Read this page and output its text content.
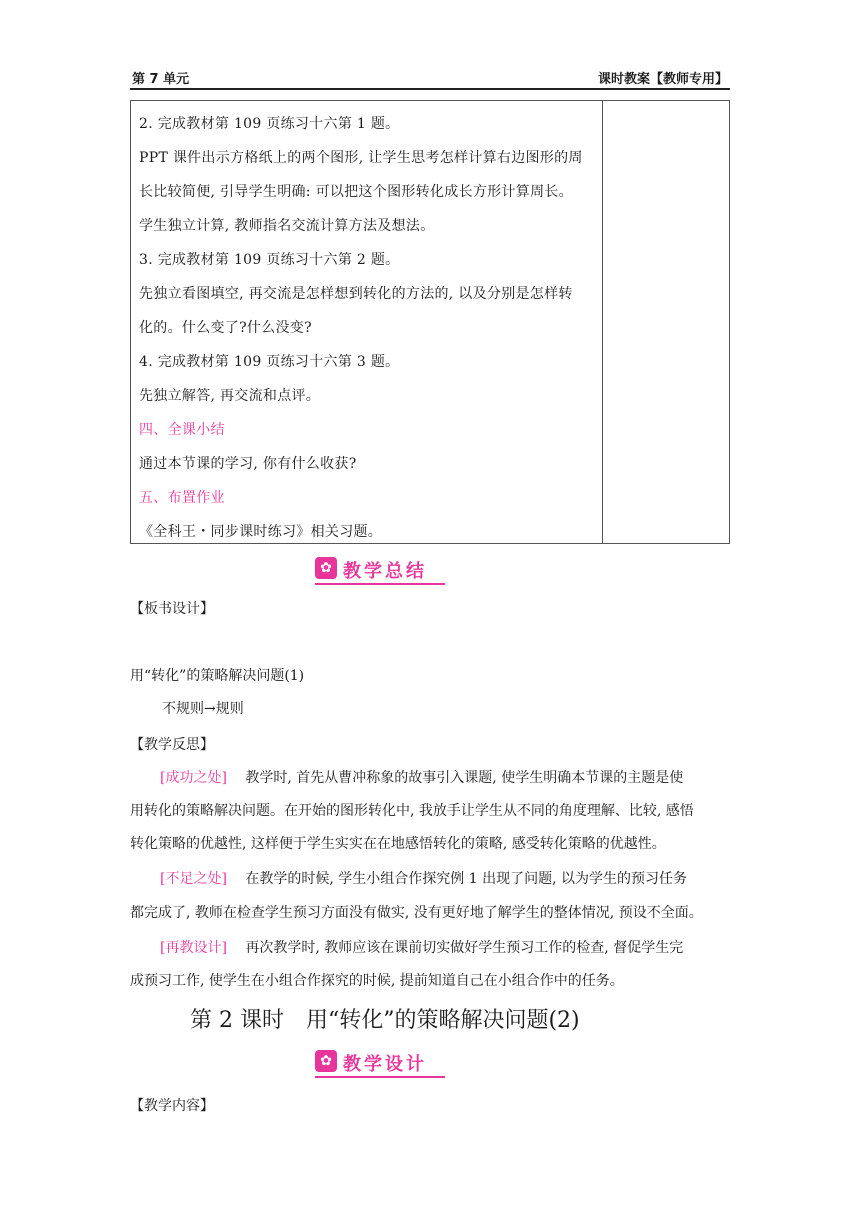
第 7 单元	课时教案【教师专用】
2. 完成教材第 109 页练习十六第 1 题。
PPT 课件出示方格纸上的两个图形, 让学生思考怎样计算右边图形的周
长比较简便, 引导学生明确: 可以把这个图形转化成长方形计算周长。
学生独立计算, 教师指名交流计算方法及想法。
3. 完成教材第 109 页练习十六第 2 题。
先独立看图填空, 再交流是怎样想到转化的方法的, 以及分别是怎样转
化的。什么变了?什么没变?
4. 完成教材第 109 页练习十六第 3 题。
先独立解答, 再交流和点评。
四、全课小结
通过本节课的学习, 你有什么收获?
五、布置作业
《全科王・同步课时练习》相关习题。
✿ 教学总结
【板书设计】
用“转化”的策略解决问题(1)
不规则→规则
【教学反思】
[成功之处] 教学时, 首先从曹冲称象的故事引入课题, 使学生明确本节课的主题是使
用转化的策略解决问题。在开始的图形转化中, 我放手让学生从不同的角度理解、比较, 感悟
转化策略的优越性, 这样便于学生实实在在地感悟转化的策略, 感受转化策略的优越性。
[不足之处] 在教学的时候, 学生小组合作探究例 1 出现了问题, 以为学生的预习任务
都完成了, 教师在检查学生预习方面没有做实, 没有更好地了解学生的整体情况, 预设不全面。
[再教设计] 再次教学时, 教师应该在课前切实做好学生预习工作的检查, 督促学生完
成预习工作, 使学生在小组合作探究的时候, 提前知道自己在小组合作中的任务。
第 2 课时　用“转化”的策略解决问题(2)
✿ 教学设计
【教学内容】
